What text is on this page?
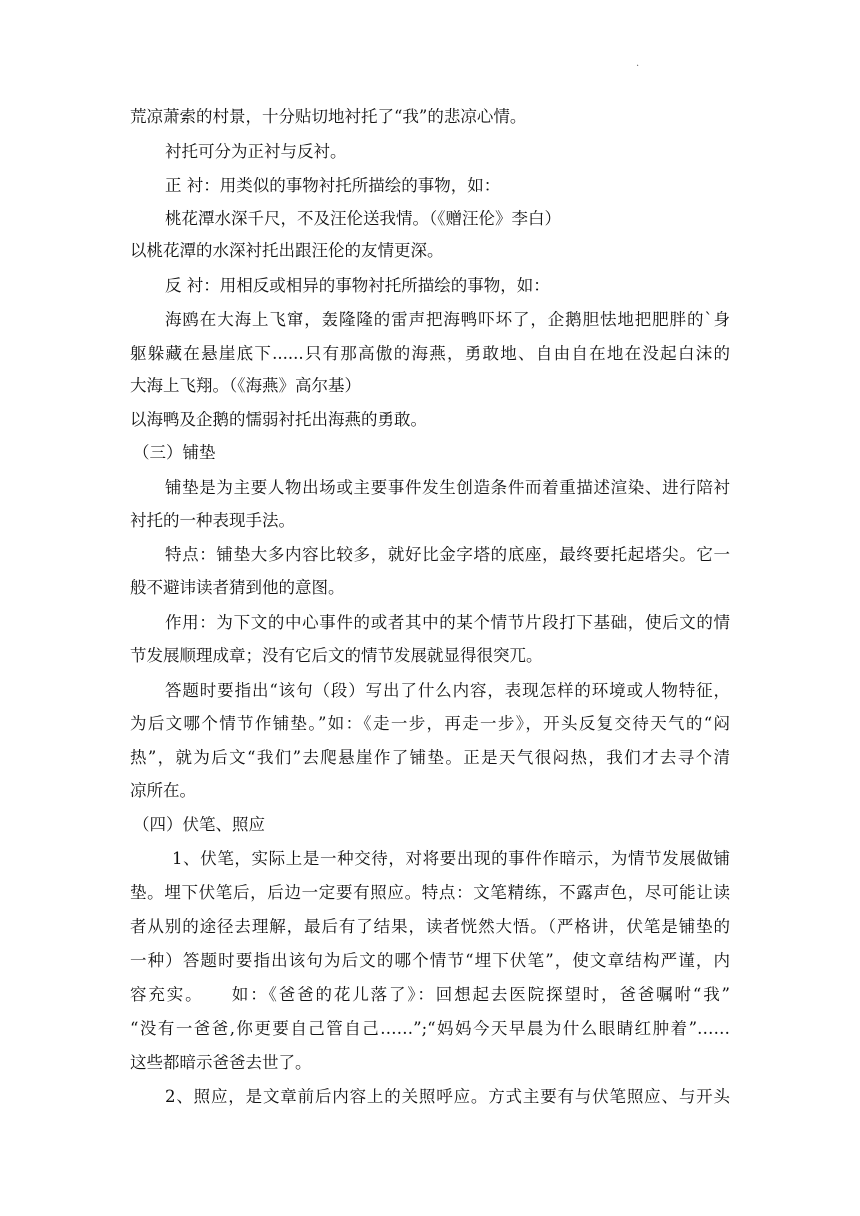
.
荒凉萧索的村景，十分贴切地衬托了“我”的悲凉心情。
衬托可分为正衬与反衬。
正 衬：用类似的事物衬托所描绘的事物，如：
桃花潭水深千尺，不及汪伦送我情。（《赠汪伦》李白）
以桃花潭的水深衬托出跟汪伦的友情更深。
反 衬：用相反或相异的事物衬托所描绘的事物，如：
海鸥在大海上飞窜，轰隆隆的雷声把海鸭吓坏了，企鹅胆怯地把肥胖的`身
躯躲藏在悬崖底下......只有那高傲的海燕，勇敢地、自由自在地在没起白沫的
大海上飞翔。（《海燕》高尔基）
以海鸭及企鹅的懦弱衬托出海燕的勇敢。
（三）铺垫
铺垫是为主要人物出场或主要事件发生创造条件而着重描述渲染、进行陪衬
衬托的一种表现手法。
特点：铺垫大多内容比较多，就好比金字塔的底座，最终要托起塔尖。它一
般不避讳读者猜到他的意图。
作用：为下文的中心事件的或者其中的某个情节片段打下基础，使后文的情
节发展顺理成章；没有它后文的情节发展就显得很突兀。
答题时要指出“该句（段）写出了什么内容，表现怎样的环境或人物特征，
为后文哪个情节作铺垫。”如：《走一步，再走一步》，开头反复交待天气的“闷
热”，就为后文“我们”去爬悬崖作了铺垫。正是天气很闷热，我们才去寻个清
凉所在。
（四）伏笔、照应
1、伏笔，实际上是一种交待，对将要出现的事件作暗示，为情节发展做铺
垫。埋下伏笔后，后边一定要有照应。特点：文笔精练，不露声色，尽可能让读
者从别的途径去理解，最后有了结果，读者恍然大悟。（严格讲，伏笔是铺垫的
一种）答题时要指出该句为后文的哪个情节“埋下伏笔”，使文章结构严谨，内
容充实。　　如：《爸爸的花儿落了》：回想起去医院探望时，爸爸嘱咐“我”
“没有一爸爸,你更要自己管自己……”;“妈妈今天早晨为什么眼睛红肿着”……
这些都暗示爸爸去世了。
2、照应，是文章前后内容上的关照呼应。方式主要有与伏笔照应、与开头
